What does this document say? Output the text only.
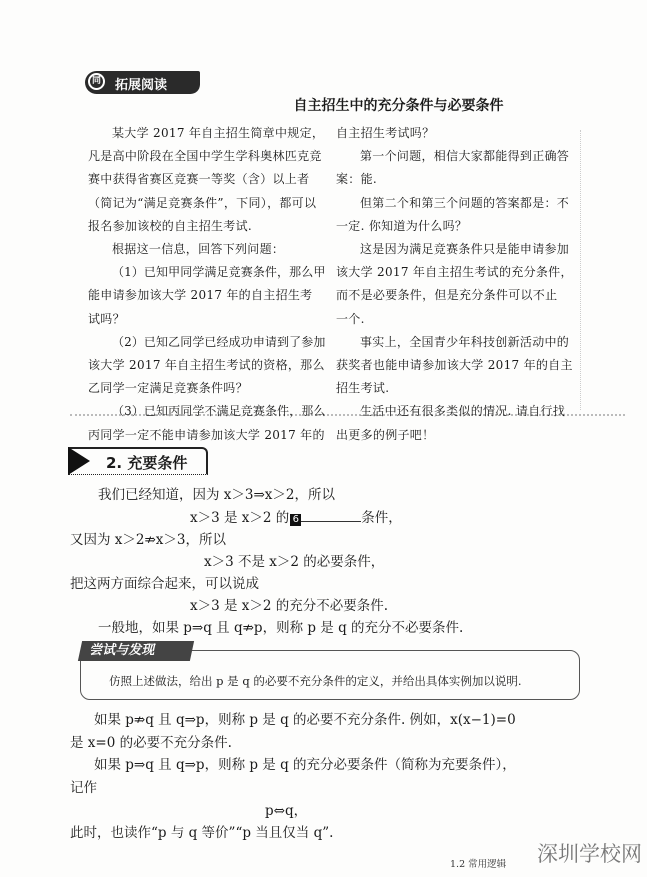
同	拓展阅读
自主招生中的充分条件与必要条件
2. 充要条件
我们已经知道，因为 x＞3⇒x＞2，所以
x＞3 是 x＞2 的 6	条件，
又因为 x＞2⇏x＞3，所以
x＞3 不是 x＞2 的必要条件，
把这两方面综合起来，可以说成
x＞3 是 x＞2 的充分不必要条件.
一般地，如果 p⇒q 且 q⇏p，则称 p 是 q 的充分不必要条件.
仿照上述做法，给出 p 是 q 的必要不充分条件的定义，并给出具体实例加以说明.
尝试与发现
如果 p⇏q 且 q⇒p，则称 p 是 q 的必要不充分条件. 例如，x(x−1)=0
是 x=0 的必要不充分条件.
如果 p⇒q 且 q⇒p，则称 p 是 q 的充分必要条件（简称为充要条件），
记作
p⇔q，
此时，也读作“p 与 q 等价”“p 当且仅当 q”.
1.2 常用逻辑 深圳学校网
某大学 2017 年自主招生简章中规定，
凡是高中阶段在全国中学生学科奥林匹克竞
赛中获得省赛区竞赛一等奖（含）以上者
（简记为“满足竞赛条件”，下同），都可以
报名参加该校的自主招生考试.
根据这一信息，回答下列问题：
（1）已知甲同学满足竞赛条件，那么甲
能申请参加该大学 2017 年的自主招生考
试吗？
（2）已知乙同学已经成功申请到了参加
该大学 2017 年自主招生考试的资格，那么
乙同学一定满足竞赛条件吗？
（3）已知丙同学不满足竞赛条件，那么
丙同学一定不能申请参加该大学 2017 年的
自主招生考试吗？
第一个问题，相信大家都能得到正确答
案：能.
但第二个和第三个问题的答案都是：不
一定. 你知道为什么吗？
这是因为满足竞赛条件只是能申请参加
该大学 2017 年自主招生考试的充分条件，
而不是必要条件，但是充分条件可以不止
一个.
事实上，全国青少年科技创新活动中的
获奖者也能申请参加该大学 2017 年的自主
招生考试.
生活中还有很多类似的情况. 请自行找
出更多的例子吧！
